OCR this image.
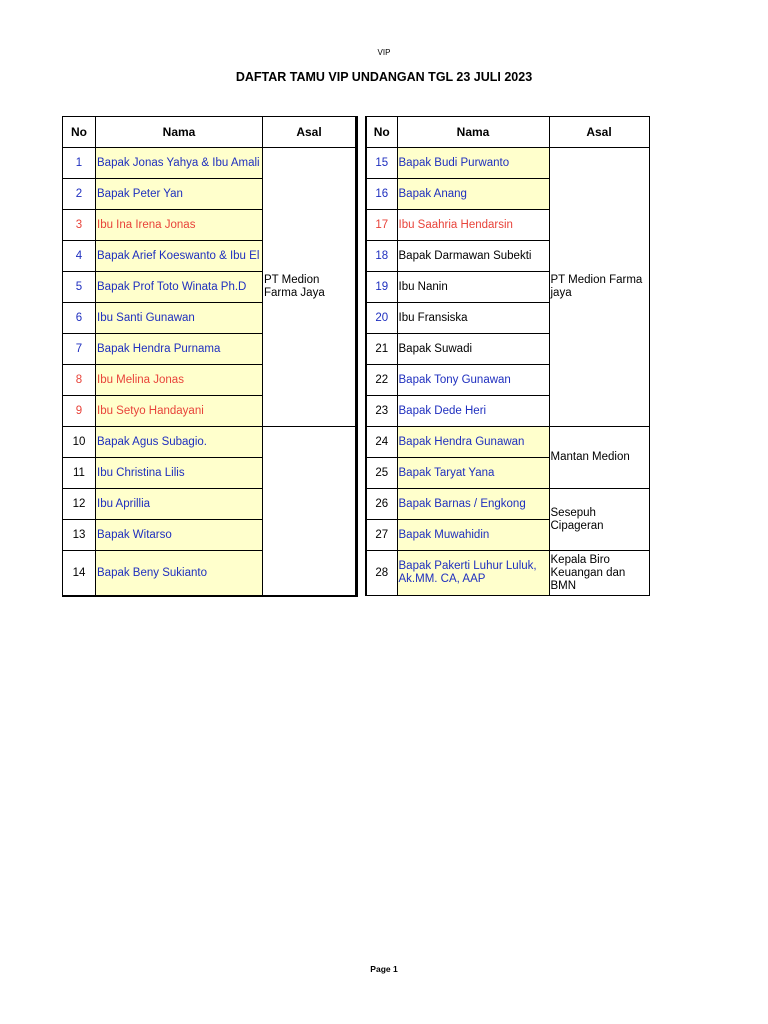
VIP
DAFTAR TAMU VIP UNDANGAN TGL 23 JULI 2023
No	Nama	Asal
1	Bapak Jonas Yahya & Ibu Amali	PT Medion Farma Jaya
2	Bapak Peter Yan	
3	Ibu Ina Irena Jonas	
4	Bapak Arief Koeswanto & Ibu El	
5	Bapak Prof Toto Winata Ph.D	
6	Ibu Santi Gunawan	
7	Bapak Hendra Purnama	
8	Ibu Melina Jonas	
9	Ibu Setyo Handayani	
10	Bapak Agus Subagio.	
11	Ibu Christina Lilis	
12	Ibu Aprillia	
13	Bapak Witarso	
14	Bapak Beny Sukianto	
No	Nama	Asal
15	Bapak Budi Purwanto	PT Medion Farma jaya
16	Bapak Anang	
17	Ibu Saahria Hendarsin	
18	Bapak Darmawan Subekti	
19	Ibu Nanin	
20	Ibu Fransiska	
21	Bapak Suwadi	
22	Bapak Tony Gunawan	
23	Bapak Dede Heri	
24	Bapak Hendra Gunawan	Mantan Medion
25	Bapak Taryat Yana	
26	Bapak Barnas / Engkong	Sesepuh Cipageran
27	Bapak Muwahidin	
28	Bapak Pakerti Luhur Luluk, Ak.MM. CA, AAP	Kepala Biro Keuangan dan BMN
Page 1
